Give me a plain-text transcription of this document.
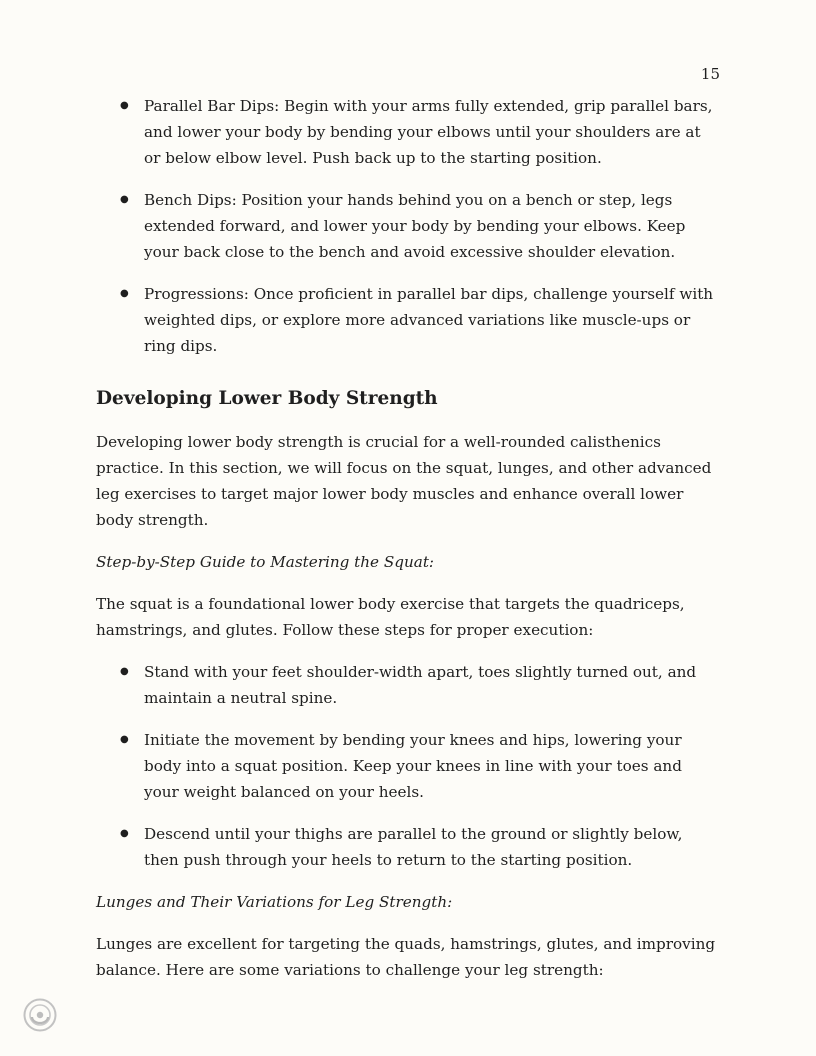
15
● Parallel Bar Dips: Begin with your arms fully extended, grip parallel bars, and lower your body by bending your elbows until your shoulders are at or below elbow level. Push back up to the starting position.
● Bench Dips: Position your hands behind you on a bench or step, legs extended forward, and lower your body by bending your elbows. Keep your back close to the bench and avoid excessive shoulder elevation.
● Progressions: Once proficient in parallel bar dips, challenge yourself with weighted dips, or explore more advanced variations like muscle-ups or ring dips.
Developing Lower Body Strength

Developing lower body strength is crucial for a well-rounded calisthenics practice. In this section, we will focus on the squat, lunges, and other advanced leg exercises to target major lower body muscles and enhance overall lower body strength.

Step-by-Step Guide to Mastering the Squat:

The squat is a foundational lower body exercise that targets the quadriceps, hamstrings, and glutes. Follow these steps for proper execution:

● Stand with your feet shoulder-width apart, toes slightly turned out, and maintain a neutral spine.
● Initiate the movement by bending your knees and hips, lowering your body into a squat position. Keep your knees in line with your toes and your weight balanced on your heels.
● Descend until your thighs are parallel to the ground or slightly below, then push through your heels to return to the starting position.

Lunges and Their Variations for Leg Strength:

Lunges are excellent for targeting the quads, hamstrings, glutes, and improving balance. Here are some variations to challenge your leg strength:
